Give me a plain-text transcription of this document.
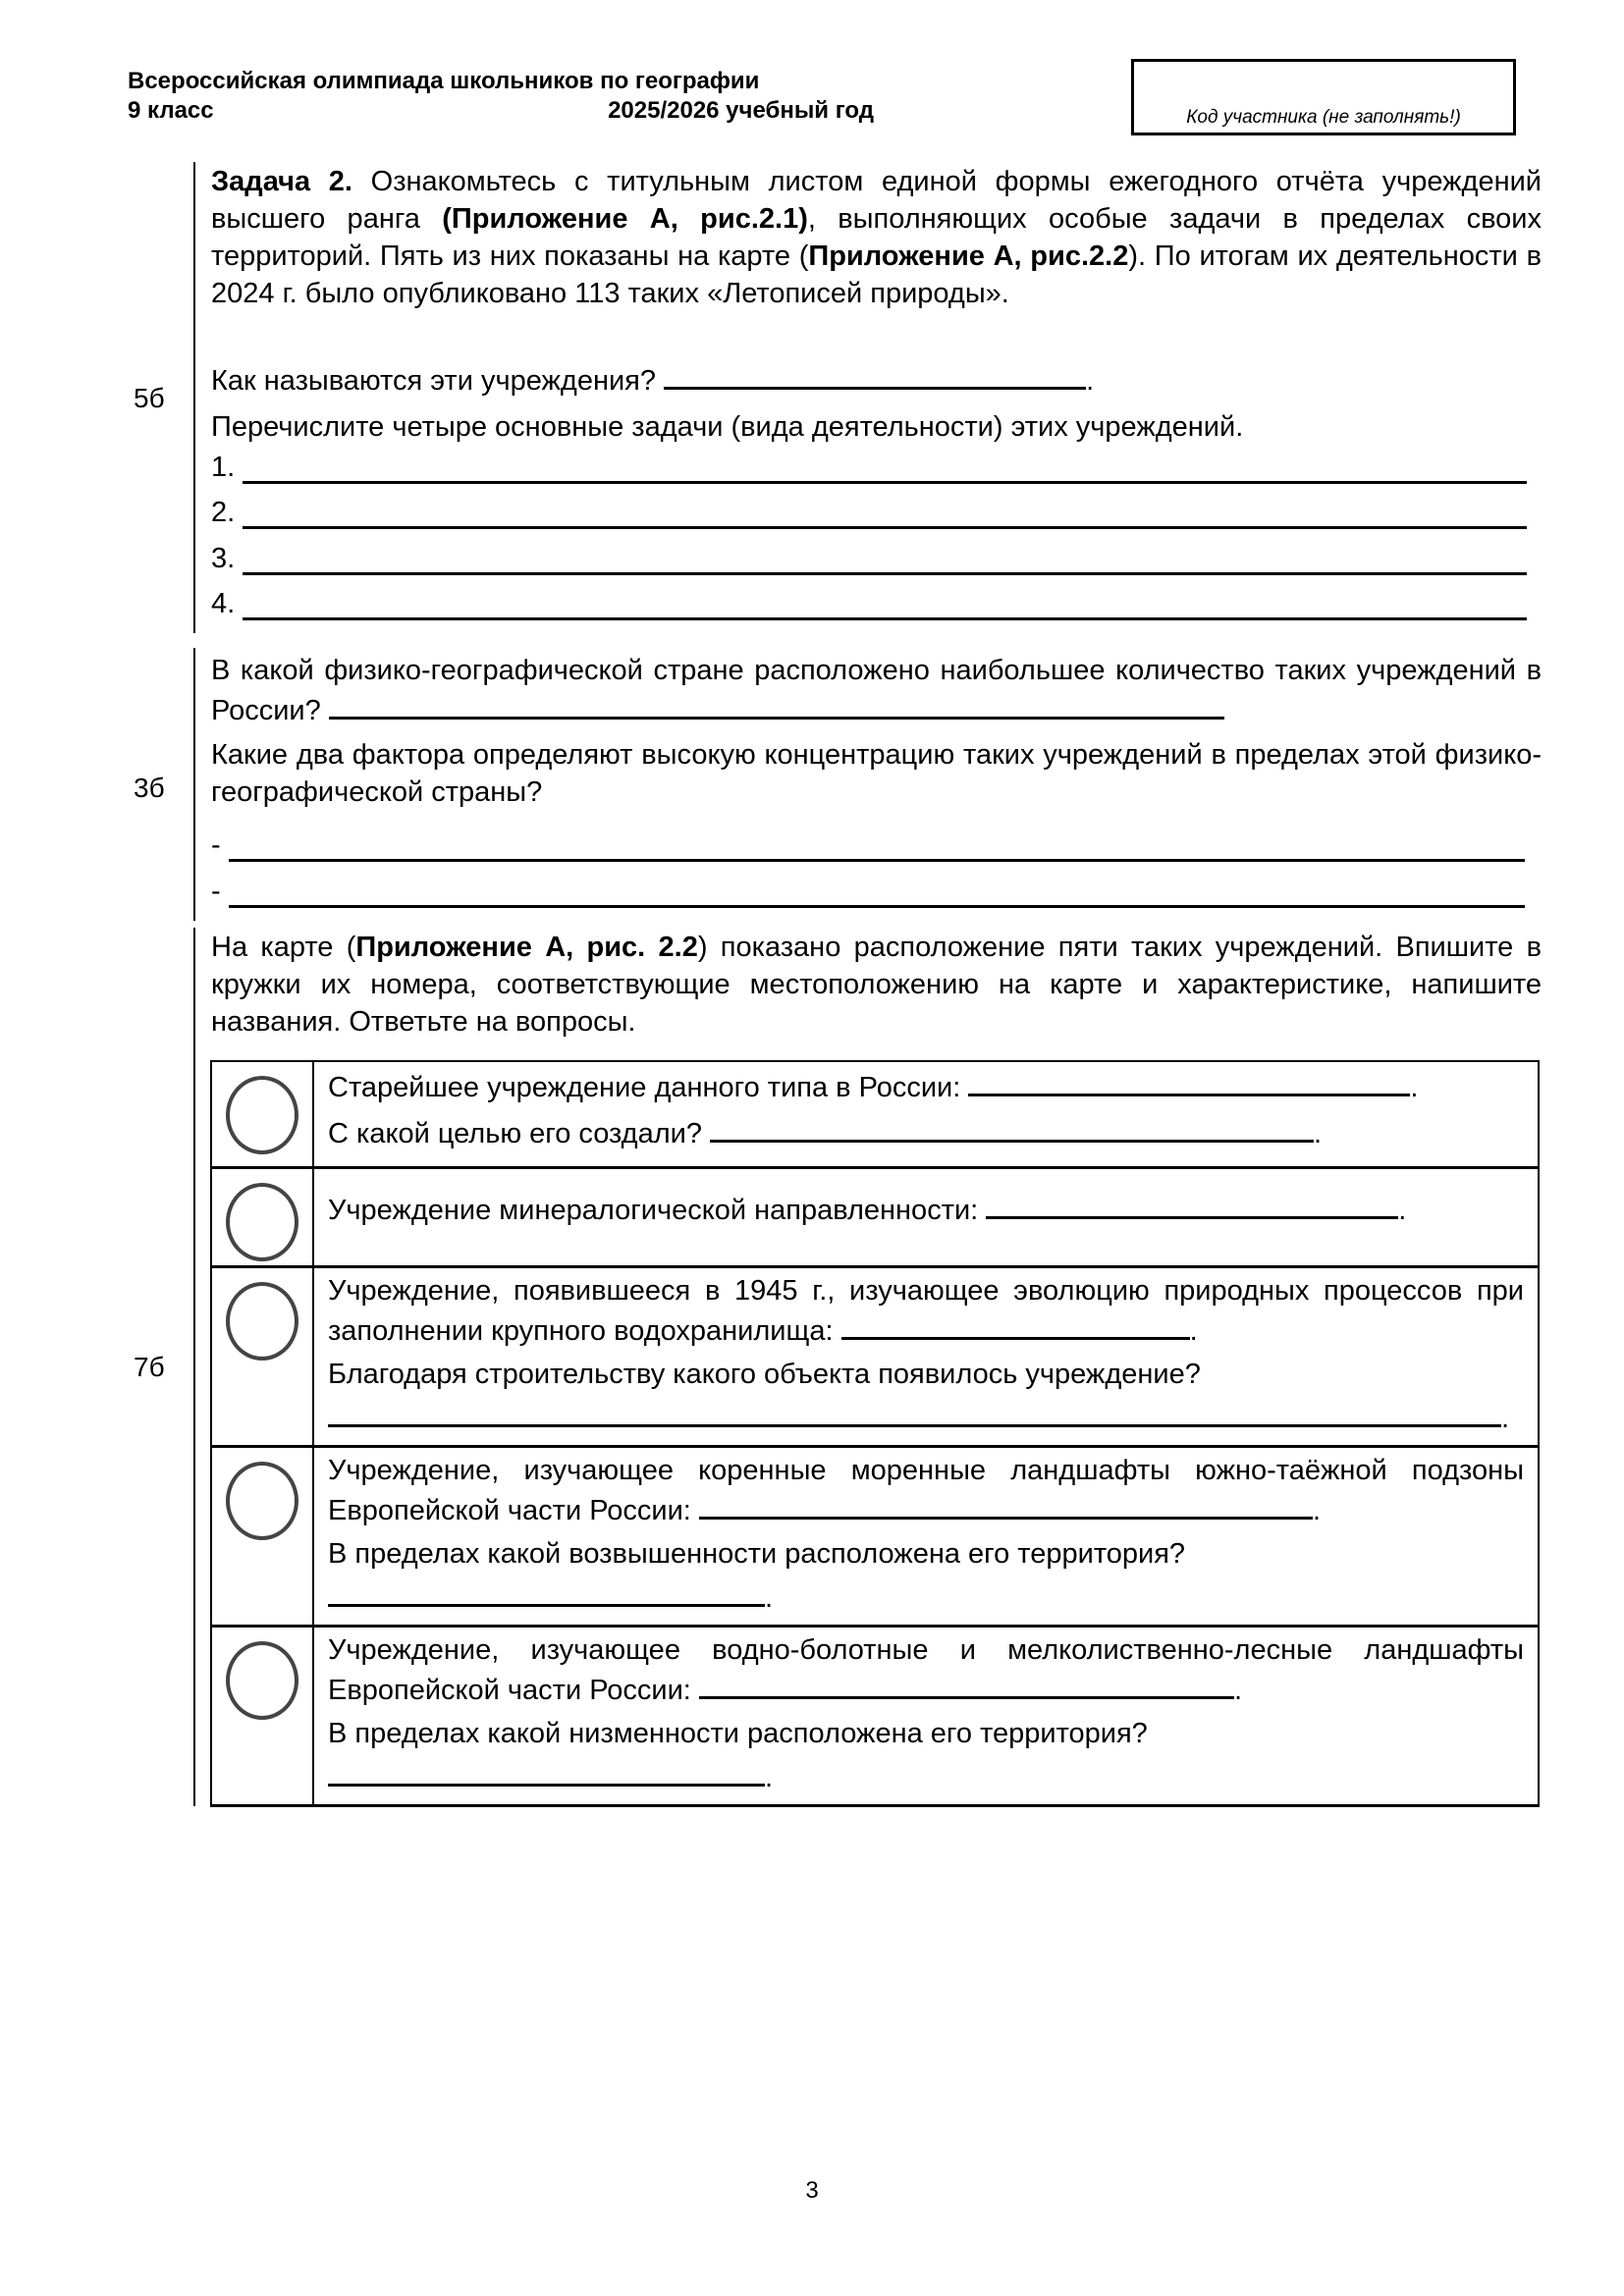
Всероссийская олимпиада школьников по географии
9 класс	2025/2026 учебный год	Код участника (не заполнять!)
5б

Задача 2. Ознакомьтесь с титульным листом единой формы ежегодного отчёта учреждений высшего ранга (Приложение А, рис.2.1), выполняющих особые задачи в пределах своих территорий. Пять из них показаны на карте (Приложение А, рис.2.2). По итогам их деятельности в 2024 г. было опубликовано 113 таких «Летописей природы».

Как называются эти учреждения?	.
Перечислите четыре основные задачи (вида деятельности) этих учреждений.
1.
2.
3.
4.
3б
В какой физико-географической стране расположено наибольшее количество таких учреждений в России?
Какие два фактора определяют высокую концентрацию таких учреждений в пределах этой физико-географической страны?
-
-
7б

На карте (Приложение А, рис. 2.2) показано расположение пяти таких учреждений. Впишите в кружки их номера, соответствующие местоположению на карте и характеристике, напишите названия. Ответьте на вопросы.

	Старейшее учреждение данного типа в России: .
С какой целью его создали? .

	Учреждение минералогической направленности: .

	Учреждение, появившееся в 1945 г., изучающее эволюцию природных процессов при заполнении крупного водохранилища: .
Благодаря строительству какого объекта появилось учреждение?
.

	Учреждение, изучающее коренные моренные ландшафты южно-таёжной подзоны Европейской части России: .
В пределах какой возвышенности расположена его территория?
.

	Учреждение, изучающее водно-болотные и мелколиственно-лесные ландшафты Европейской части России: .
В пределах какой низменности расположена его территория?
.
3
